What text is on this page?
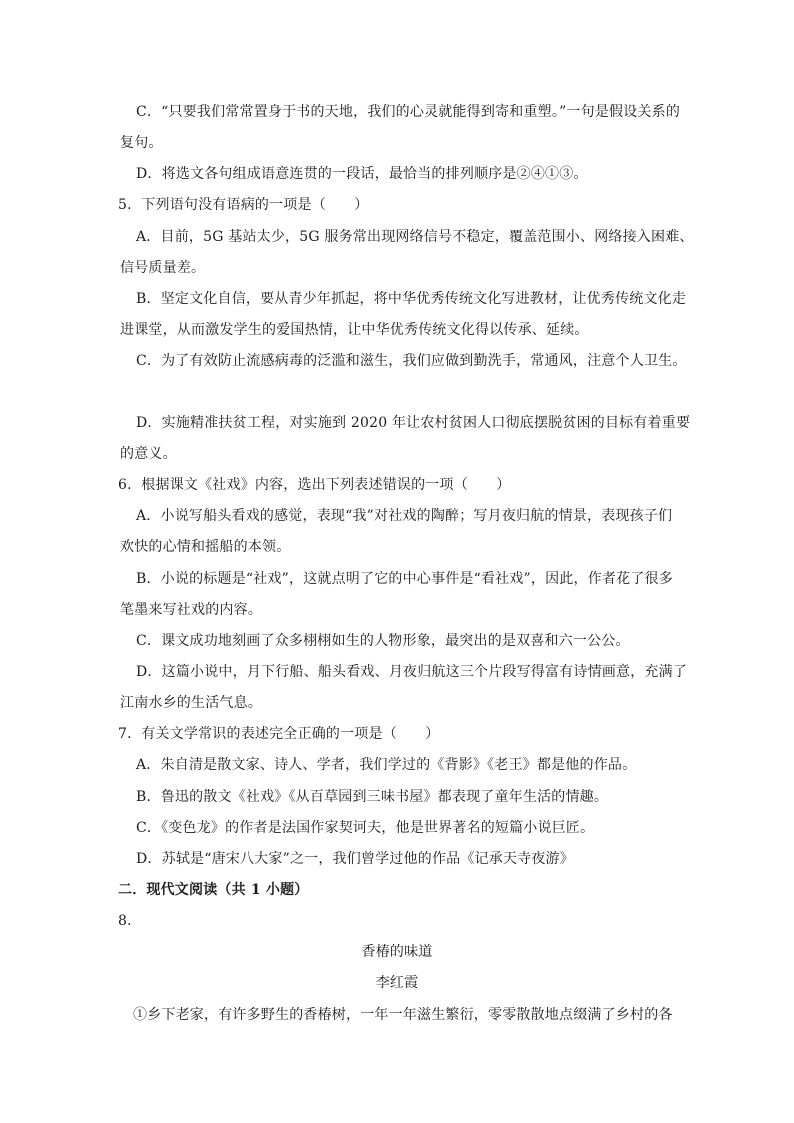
C．“只要我们常常置身于书的天地，我们的心灵就能得到寄和重塑。”一句是假设关系的
复句。
D．将选文各句组成语意连贯的一段话，最恰当的排列顺序是②④①③。
5．下列语句没有语病的一项是（　　）
A．目前，5G 基站太少，5G 服务常出现网络信号不稳定，覆盖范围小、网络接入困难、
信号质量差。
B．坚定文化自信，要从青少年抓起，将中华优秀传统文化写进教材，让优秀传统文化走
进课堂，从而激发学生的爱国热情，让中华优秀传统文化得以传承、延续。
C．为了有效防止流感病毒的泛滥和滋生，我们应做到勤洗手，常通风，注意个人卫生。
D．实施精准扶贫工程，对实施到 2020 年让农村贫困人口彻底摆脱贫困的目标有着重要
的意义。
6．根据课文《社戏》内容，选出下列表述错误的一项（　　）
A．小说写船头看戏的感觉，表现“我”对社戏的陶醉；写月夜归航的情景，表现孩子们
欢快的心情和摇船的本领。
B．小说的标题是“社戏”，这就点明了它的中心事件是“看社戏”，因此，作者花了很多
笔墨来写社戏的内容。
C．课文成功地刻画了众多栩栩如生的人物形象，最突出的是双喜和六一公公。
D．这篇小说中，月下行船、船头看戏、月夜归航这三个片段写得富有诗情画意，充满了
江南水乡的生活气息。
7．有关文学常识的表述完全正确的一项是（　　）
A．朱自清是散文家、诗人、学者，我们学过的《背影》《老王》都是他的作品。
B．鲁迅的散文《社戏》《从百草园到三味书屋》都表现了童年生活的情趣。
C．《变色龙》的作者是法国作家契诃夫，他是世界著名的短篇小说巨匠。
D．苏轼是“唐宋八大家”之一，我们曾学过他的作品《记承天寺夜游》
二．现代文阅读（共 1 小题）
8．
香椿的味道
李红霞
①乡下老家，有许多野生的香椿树，一年一年滋生繁衍，零零散散地点缀满了乡村的各
